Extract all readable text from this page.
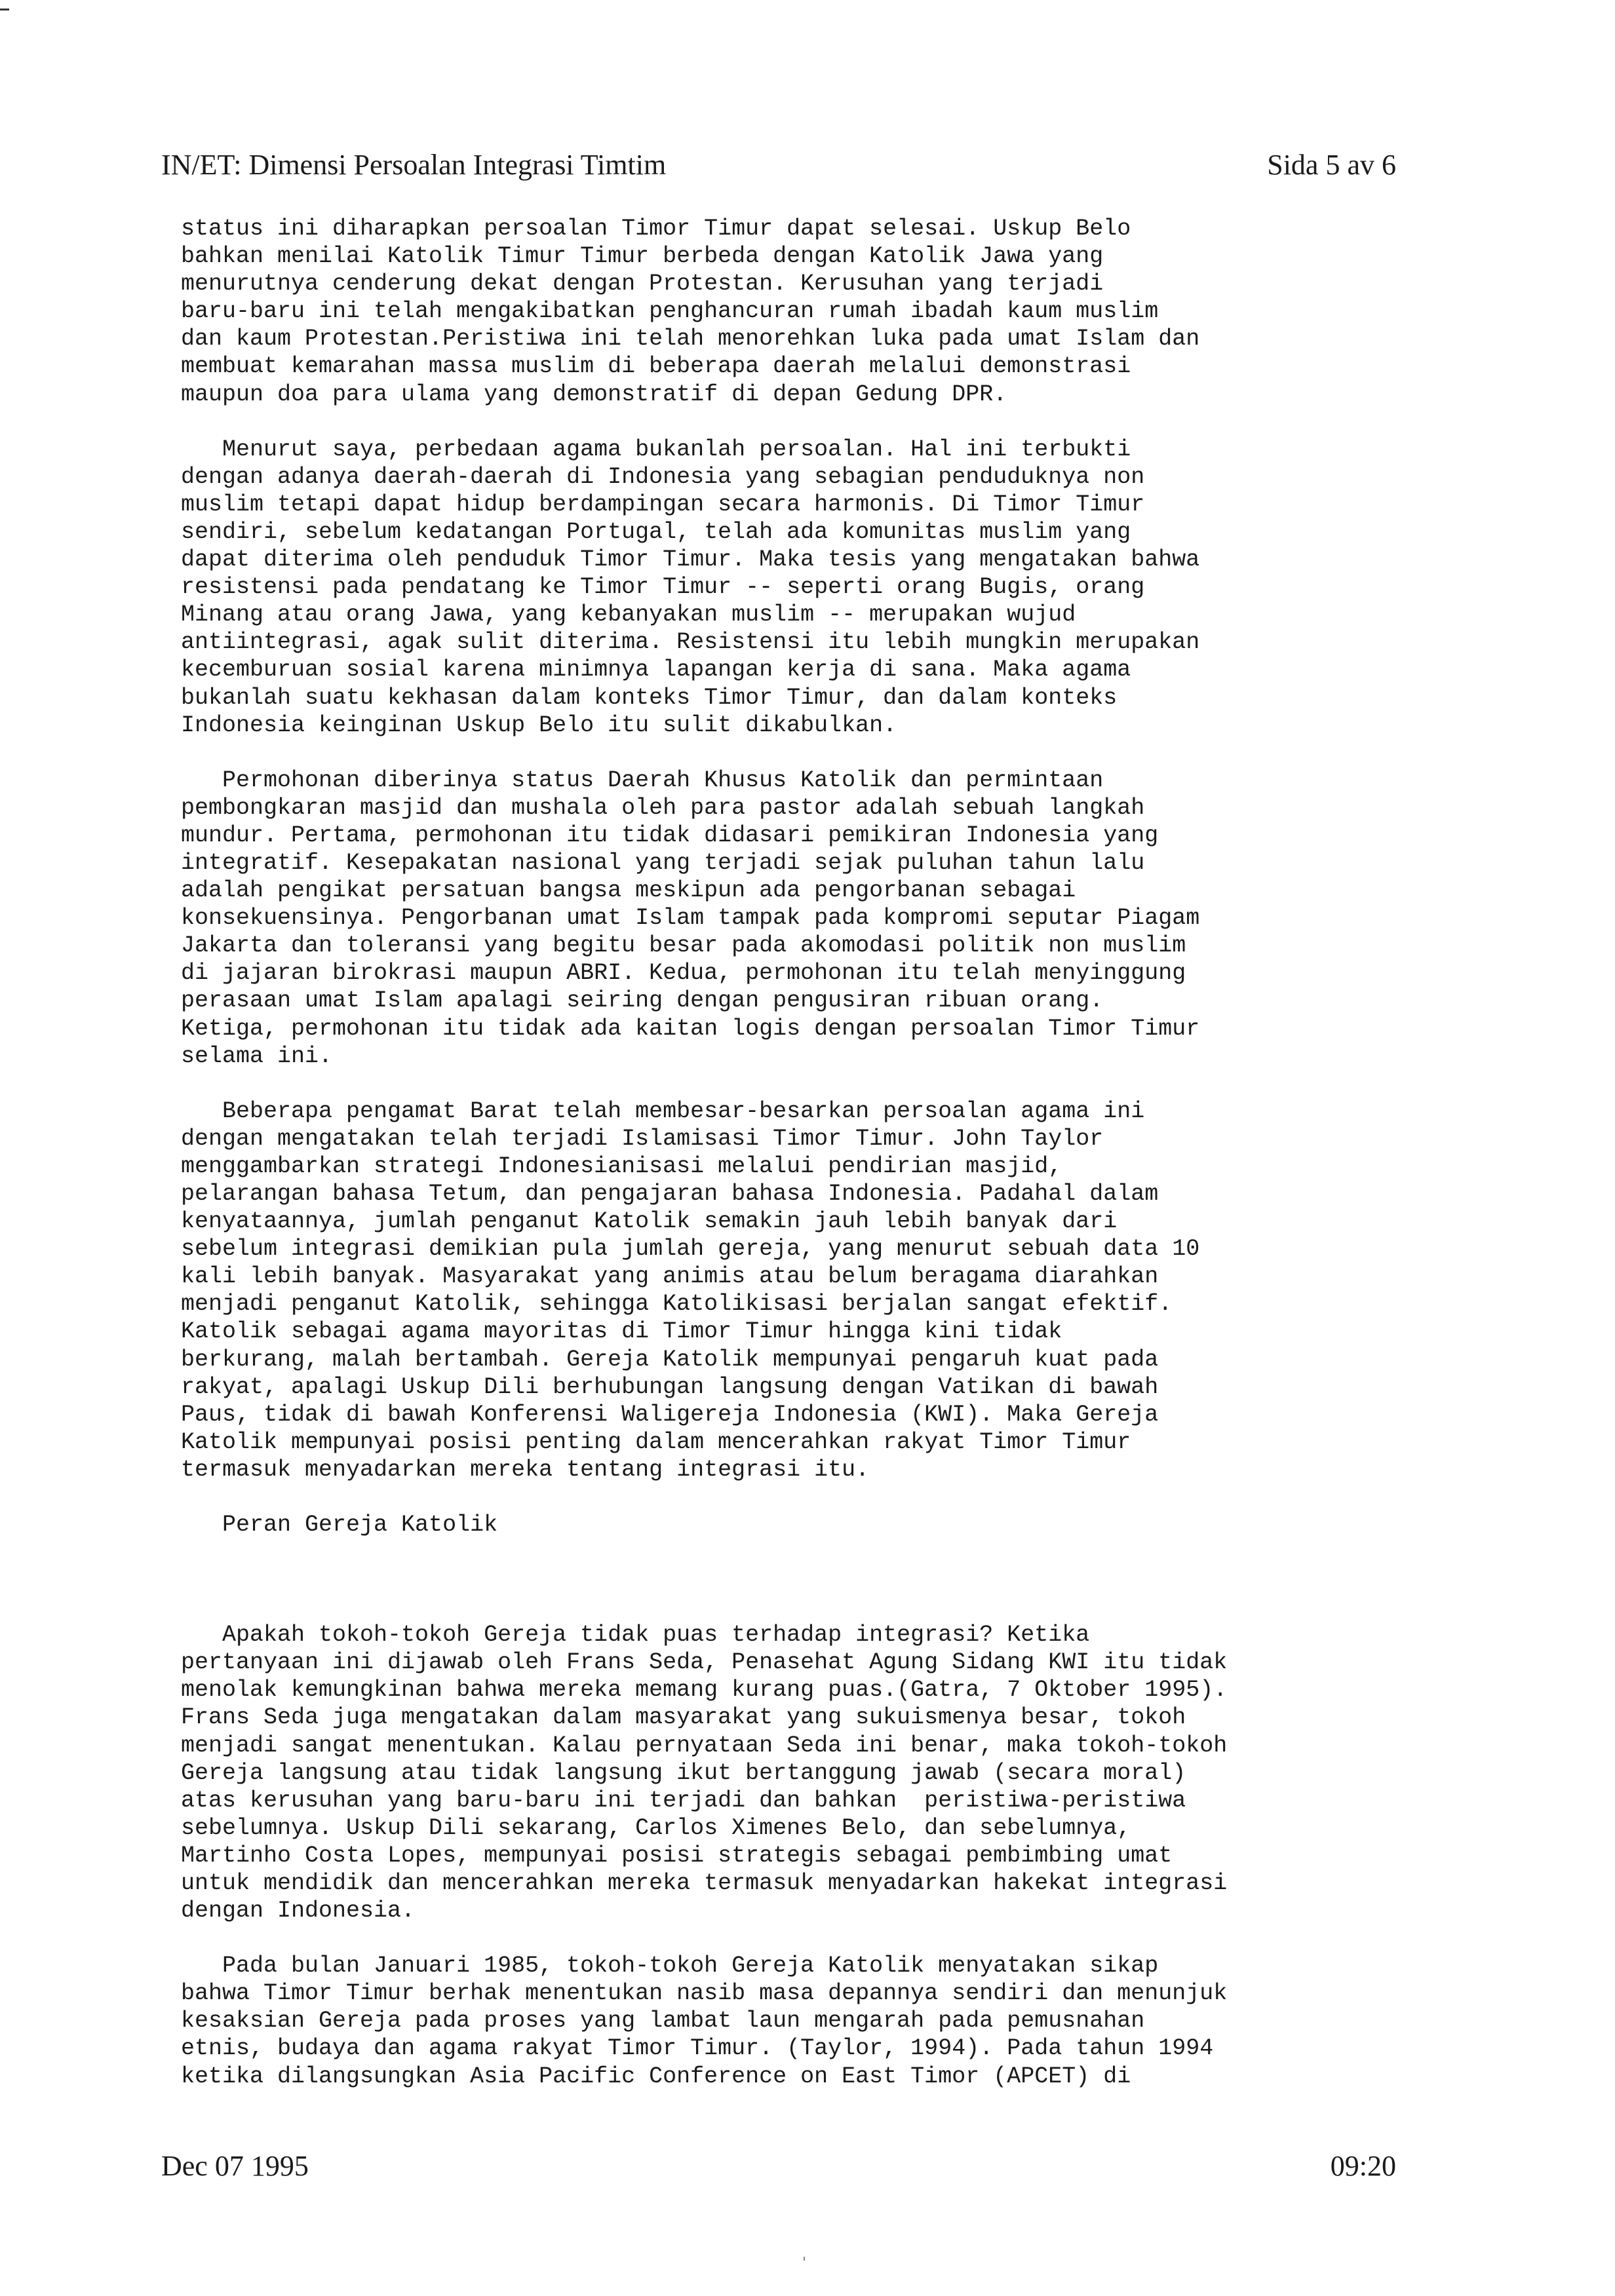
IN/ET: Dimensi Persoalan Integrasi Timtim	Sida 5 av 6

status ini diharapkan persoalan Timor Timur dapat selesai. Uskup Belo
bahkan menilai Katolik Timur Timur berbeda dengan Katolik Jawa yang
menurutnya cenderung dekat dengan Protestan. Kerusuhan yang terjadi
baru-baru ini telah mengakibatkan penghancuran rumah ibadah kaum muslim
dan kaum Protestan.Peristiwa ini telah menorehkan luka pada umat Islam dan
membuat kemarahan massa muslim di beberapa daerah melalui demonstrasi
maupun doa para ulama yang demonstratif di depan Gedung DPR.

Menurut saya, perbedaan agama bukanlah persoalan. Hal ini terbukti
dengan adanya daerah-daerah di Indonesia yang sebagian penduduknya non
muslim tetapi dapat hidup berdampingan secara harmonis. Di Timor Timur
sendiri, sebelum kedatangan Portugal, telah ada komunitas muslim yang
dapat diterima oleh penduduk Timor Timur. Maka tesis yang mengatakan bahwa
resistensi pada pendatang ke Timor Timur -- seperti orang Bugis, orang
Minang atau orang Jawa, yang kebanyakan muslim -- merupakan wujud
antiintegrasi, agak sulit diterima. Resistensi itu lebih mungkin merupakan
kecemburuan sosial karena minimnya lapangan kerja di sana. Maka agama
bukanlah suatu kekhasan dalam konteks Timor Timur, dan dalam konteks
Indonesia keinginan Uskup Belo itu sulit dikabulkan.

Permohonan diberinya status Daerah Khusus Katolik dan permintaan
pembongkaran masjid dan mushala oleh para pastor adalah sebuah langkah
mundur. Pertama, permohonan itu tidak didasari pemikiran Indonesia yang
integratif. Kesepakatan nasional yang terjadi sejak puluhan tahun lalu
adalah pengikat persatuan bangsa meskipun ada pengorbanan sebagai
konsekuensinya. Pengorbanan umat Islam tampak pada kompromi seputar Piagam
Jakarta dan toleransi yang begitu besar pada akomodasi politik non muslim
di jajaran birokrasi maupun ABRI. Kedua, permohonan itu telah menyinggung
perasaan umat Islam apalagi seiring dengan pengusiran ribuan orang.
Ketiga, permohonan itu tidak ada kaitan logis dengan persoalan Timor Timur
selama ini.

Beberapa pengamat Barat telah membesar-besarkan persoalan agama ini
dengan mengatakan telah terjadi Islamisasi Timor Timur. John Taylor
menggambarkan strategi Indonesianisasi melalui pendirian masjid,
pelarangan bahasa Tetum, dan pengajaran bahasa Indonesia. Padahal dalam
kenyataannya, jumlah penganut Katolik semakin jauh lebih banyak dari
sebelum integrasi demikian pula jumlah gereja, yang menurut sebuah data 10
kali lebih banyak. Masyarakat yang animis atau belum beragama diarahkan
menjadi penganut Katolik, sehingga Katolikisasi berjalan sangat efektif.
Katolik sebagai agama mayoritas di Timor Timur hingga kini tidak
berkurang, malah bertambah. Gereja Katolik mempunyai pengaruh kuat pada
rakyat, apalagi Uskup Dili berhubungan langsung dengan Vatikan di bawah
Paus, tidak di bawah Konferensi Waligereja Indonesia (KWI). Maka Gereja
Katolik mempunyai posisi penting dalam mencerahkan rakyat Timor Timur
termasuk menyadarkan mereka tentang integrasi itu.

Peran Gereja Katolik

Apakah tokoh-tokoh Gereja tidak puas terhadap integrasi? Ketika
pertanyaan ini dijawab oleh Frans Seda, Penasehat Agung Sidang KWI itu tidak
menolak kemungkinan bahwa mereka memang kurang puas.(Gatra, 7 Oktober 1995).
Frans Seda juga mengatakan dalam masyarakat yang sukuismenya besar, tokoh
menjadi sangat menentukan. Kalau pernyataan Seda ini benar, maka tokoh-tokoh
Gereja langsung atau tidak langsung ikut bertanggung jawab (secara moral)
atas kerusuhan yang baru-baru ini terjadi dan bahkan  peristiwa-peristiwa
sebelumnya. Uskup Dili sekarang, Carlos Ximenes Belo, dan sebelumnya,
Martinho Costa Lopes, mempunyai posisi strategis sebagai pembimbing umat
untuk mendidik dan mencerahkan mereka termasuk menyadarkan hakekat integrasi
dengan Indonesia.

Pada bulan Januari 1985, tokoh-tokoh Gereja Katolik menyatakan sikap
bahwa Timor Timur berhak menentukan nasib masa depannya sendiri dan menunjuk
kesaksian Gereja pada proses yang lambat laun mengarah pada pemusnahan
etnis, budaya dan agama rakyat Timor Timur. (Taylor, 1994). Pada tahun 1994
ketika dilangsungkan Asia Pacific Conference on East Timor (APCET) di

Dec 07 1995	09:20
